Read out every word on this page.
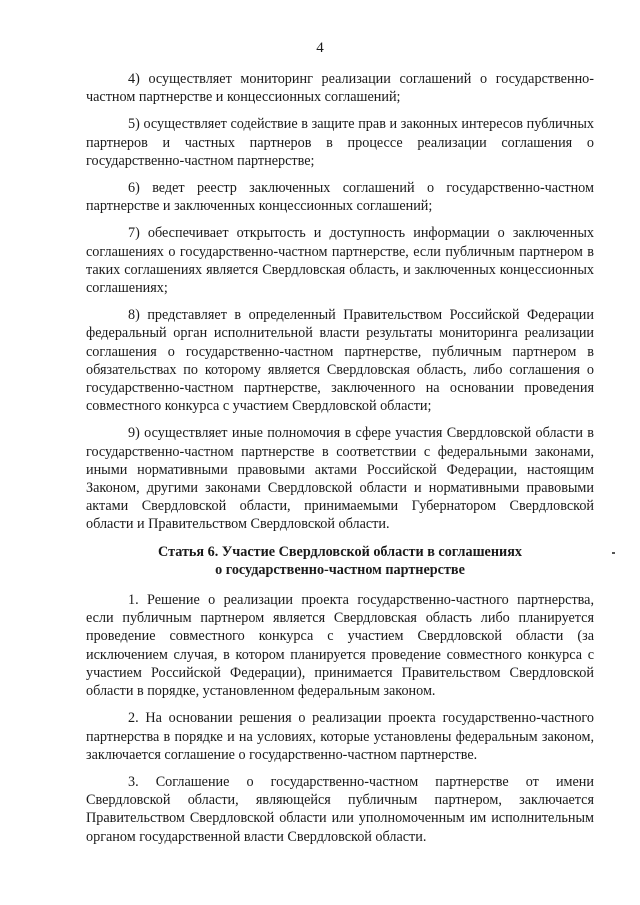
4

4) осуществляет мониторинг реализации соглашений о государственно-частном партнерстве и концессионных соглашений;

5) осуществляет содействие в защите прав и законных интересов публичных партнеров и частных партнеров в процессе реализации соглашения о государственно-частном партнерстве;

6) ведет реестр заключенных соглашений о государственно-частном партнерстве и заключенных концессионных соглашений;

7) обеспечивает открытость и доступность информации о заключенных соглашениях о государственно-частном партнерстве, если публичным партнером в таких соглашениях является Свердловская область, и заключенных концессионных соглашениях;

8) представляет в определенный Правительством Российской Федерации федеральный орган исполнительной власти результаты мониторинга реализации соглашения о государственно-частном партнерстве, публичным партнером в обязательствах по которому является Свердловская область, либо соглашения о государственно-частном партнерстве, заключенного на основании проведения совместного конкурса с участием Свердловской области;

9) осуществляет иные полномочия в сфере участия Свердловской области в государственно-частном партнерстве в соответствии с федеральными законами, иными нормативными правовыми актами Российской Федерации, настоящим Законом, другими законами Свердловской области и нормативными правовыми актами Свердловской области, принимаемыми Губернатором Свердловской области и Правительством Свердловской области.

Статья 6. Участие Свердловской области в соглашениях
о государственно-частном партнерстве

1. Решение о реализации проекта государственно-частного партнерства, если публичным партнером является Свердловская область либо планируется проведение совместного конкурса с участием Свердловской области (за исключением случая, в котором планируется проведение совместного конкурса с участием Российской Федерации), принимается Правительством Свердловской области в порядке, установленном федеральным законом.

2. На основании решения о реализации проекта государственно-частного партнерства в порядке и на условиях, которые установлены федеральным законом, заключается соглашение о государственно-частном партнерстве.

3. Соглашение о государственно-частном партнерстве от имени Свердловской области, являющейся публичным партнером, заключается Правительством Свердловской области или уполномоченным им исполнительным органом государственной власти Свердловской области.
